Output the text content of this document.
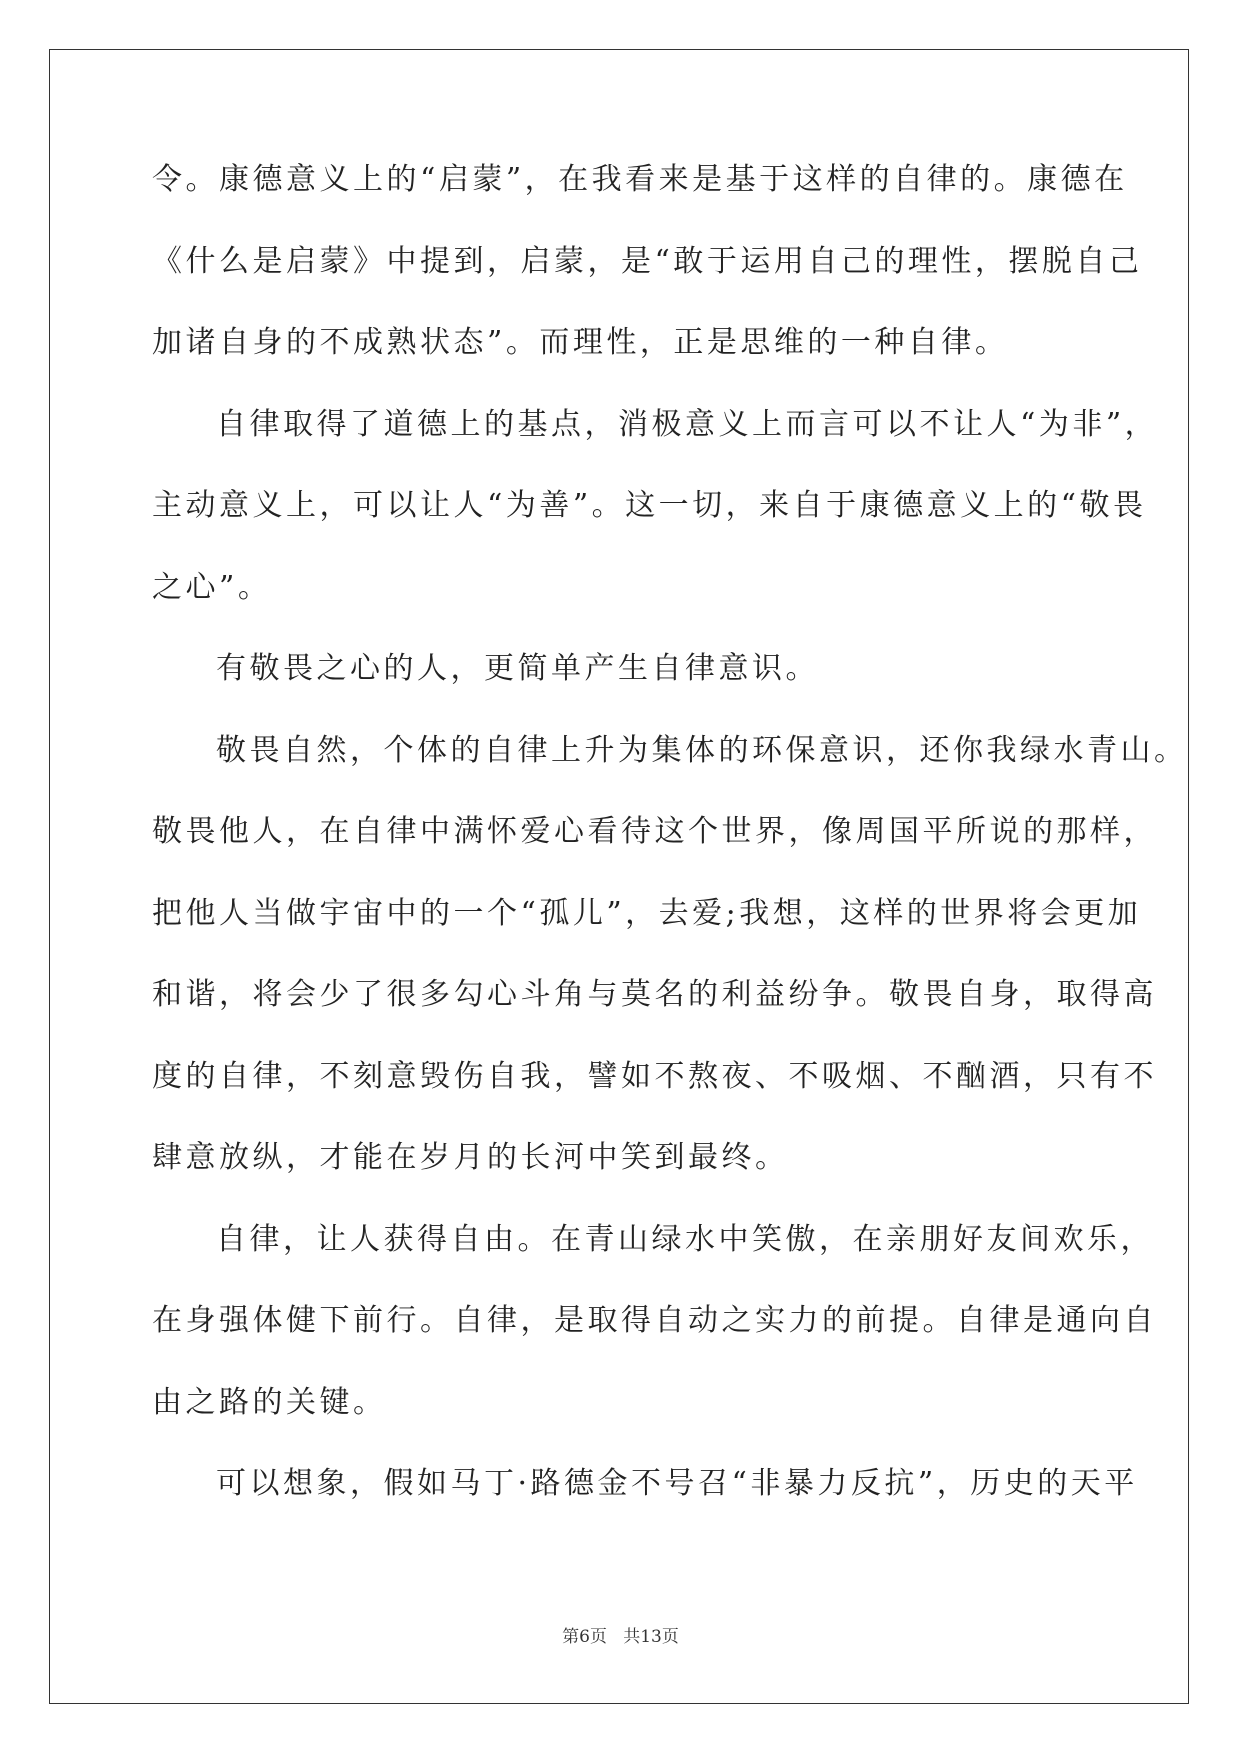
令。康德意义上的“启蒙”，在我看来是基于这样的自律的。康德在

《什么是启蒙》中提到，启蒙，是“敢于运用自己的理性，摆脱自己

加诸自身的不成熟状态”。而理性，正是思维的一种自律。

自律取得了道德上的基点，消极意义上而言可以不让人“为非”，

主动意义上，可以让人“为善”。这一切，来自于康德意义上的“敬畏

之心”。

有敬畏之心的人，更简单产生自律意识。

敬畏自然，个体的自律上升为集体的环保意识，还你我绿水青山。

敬畏他人，在自律中满怀爱心看待这个世界，像周国平所说的那样，

把他人当做宇宙中的一个“孤儿”，去爱;我想，这样的世界将会更加

和谐，将会少了很多勾心斗角与莫名的利益纷争。敬畏自身，取得高

度的自律，不刻意毁伤自我，譬如不熬夜、不吸烟、不酗酒，只有不

肆意放纵，才能在岁月的长河中笑到最终。

自律，让人获得自由。在青山绿水中笑傲，在亲朋好友间欢乐，

在身强体健下前行。自律，是取得自动之实力的前提。自律是通向自

由之路的关键。

可以想象，假如马丁·路德金不号召“非暴力反抗”，历史的天平

第6页 共13页
